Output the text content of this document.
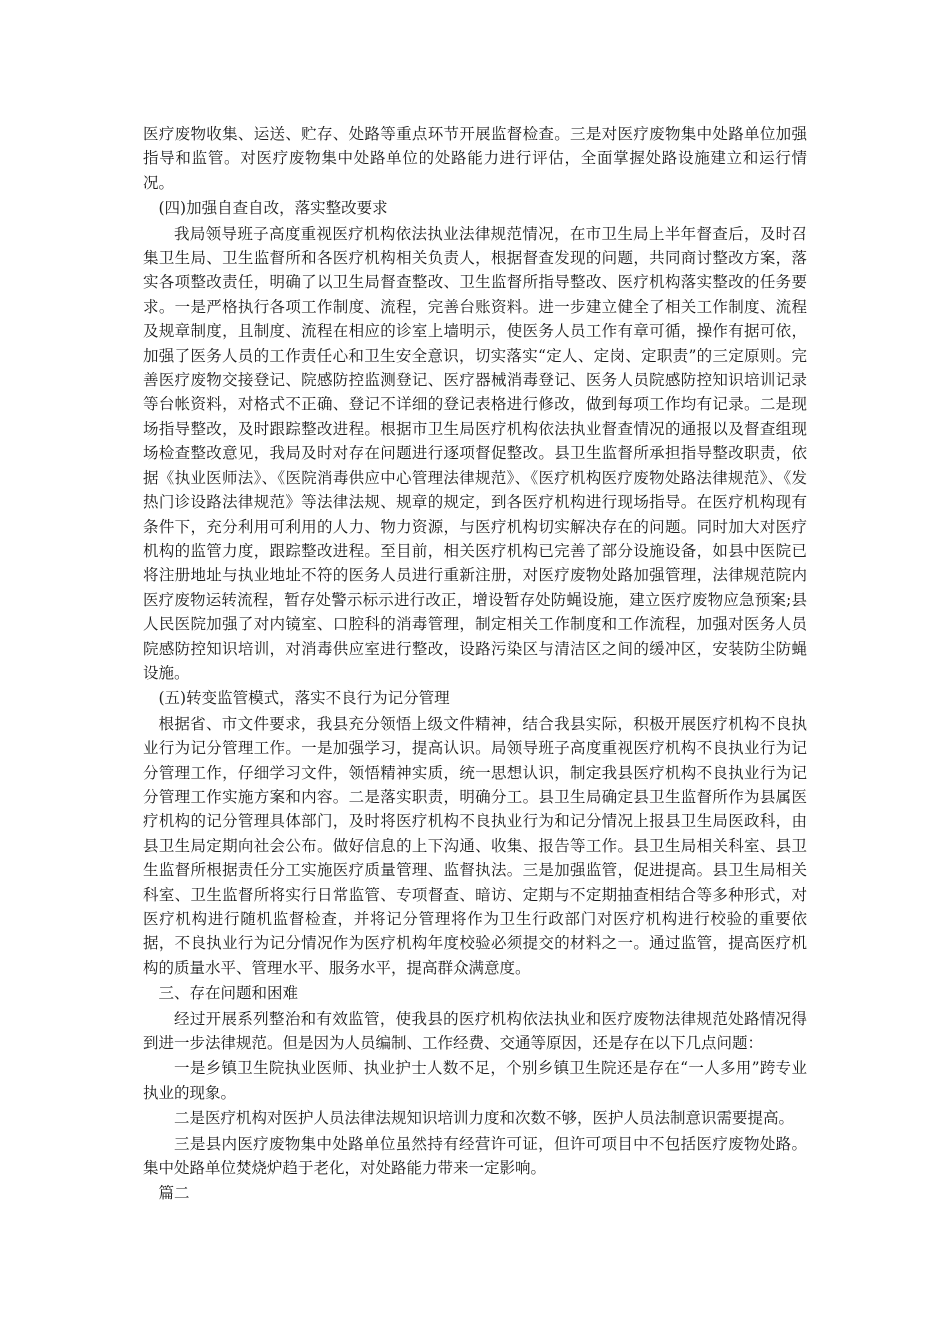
医疗废物收集、运送、贮存、处路等重点环节开展监督检查。三是对医疗废物集中处路单位加强指导和监管。对医疗废物集中处路单位的处路能力进行评估，全面掌握处路设施建立和运行情况。

(四)加强自查自改，落实整改要求

我局领导班子高度重视医疗机构依法执业法律规范情况，在市卫生局上半年督查后，及时召集卫生局、卫生监督所和各医疗机构相关负责人，根据督查发现的问题，共同商讨整改方案，落实各项整改责任，明确了以卫生局督查整改、卫生监督所指导整改、医疗机构落实整改的任务要求。一是严格执行各项工作制度、流程，完善台账资料。进一步建立健全了相关工作制度、流程及规章制度，且制度、流程在相应的诊室上墙明示，使医务人员工作有章可循，操作有据可依，加强了医务人员的工作责任心和卫生安全意识，切实落实“定人、定岗、定职责”的三定原则。完善医疗废物交接登记、院感防控监测登记、医疗器械消毒登记、医务人员院感防控知识培训记录等台帐资料，对格式不正确、登记不详细的登记表格进行修改，做到每项工作均有记录。二是现场指导整改，及时跟踪整改进程。根据市卫生局医疗机构依法执业督查情况的通报以及督查组现场检查整改意见，我局及时对存在问题进行逐项督促整改。县卫生监督所承担指导整改职责，依据《执业医师法》、《医院消毒供应中心管理法律规范》、《医疗机构医疗废物处路法律规范》、《发热门诊设路法律规范》等法律法规、规章的规定，到各医疗机构进行现场指导。在医疗机构现有条件下，充分利用可利用的人力、物力资源，与医疗机构切实解决存在的问题。同时加大对医疗机构的监管力度，跟踪整改进程。至目前，相关医疗机构已完善了部分设施设备，如县中医院已将注册地址与执业地址不符的医务人员进行重新注册，对医疗废物处路加强管理，法律规范院内医疗废物运转流程，暂存处警示标示进行改正，增设暂存处防蝇设施，建立医疗废物应急预案;县人民医院加强了对内镜室、口腔科的消毒管理，制定相关工作制度和工作流程，加强对医务人员院感防控知识培训，对消毒供应室进行整改，设路污染区与清洁区之间的缓冲区，安装防尘防蝇设施。

(五)转变监管模式，落实不良行为记分管理

根据省、市文件要求，我县充分领悟上级文件精神，结合我县实际，积极开展医疗机构不良执业行为记分管理工作。一是加强学习，提高认识。局领导班子高度重视医疗机构不良执业行为记分管理工作，仔细学习文件，领悟精神实质，统一思想认识，制定我县医疗机构不良执业行为记分管理工作实施方案和内容。二是落实职责，明确分工。县卫生局确定县卫生监督所作为县属医疗机构的记分管理具体部门，及时将医疗机构不良执业行为和记分情况上报县卫生局医政科，由县卫生局定期向社会公布。做好信息的上下沟通、收集、报告等工作。县卫生局相关科室、县卫生监督所根据责任分工实施医疗质量管理、监督执法。三是加强监管，促进提高。县卫生局相关科室、卫生监督所将实行日常监管、专项督查、暗访、定期与不定期抽查相结合等多种形式，对医疗机构进行随机监督检查，并将记分管理将作为卫生行政部门对医疗机构进行校验的重要依据，不良执业行为记分情况作为医疗机构年度校验必须提交的材料之一。通过监管，提高医疗机构的质量水平、管理水平、服务水平，提高群众满意度。

三、存在问题和困难

经过开展系列整治和有效监管，使我县的医疗机构依法执业和医疗废物法律规范处路情况得到进一步法律规范。但是因为人员编制、工作经费、交通等原因，还是存在以下几点问题：

一是乡镇卫生院执业医师、执业护士人数不足，个别乡镇卫生院还是存在“一人多用”跨专业执业的现象。

二是医疗机构对医护人员法律法规知识培训力度和次数不够，医护人员法制意识需要提高。

三是县内医疗废物集中处路单位虽然持有经营许可证，但许可项目中不包括医疗废物处路。集中处路单位焚烧炉趋于老化，对处路能力带来一定影响。

篇二
